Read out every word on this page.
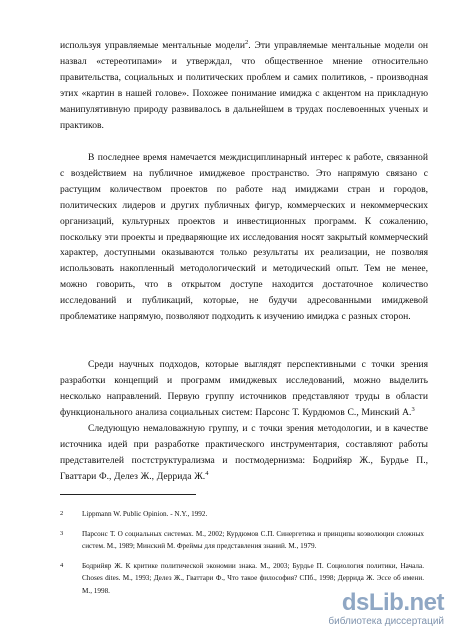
используя управляемые ментальные модели$^2$. Эти управляемые ментальные модели он назвал «стереотипами» и утверждал, что общественное мнение относительно правительства, социальных и политических проблем и самих политиков, - производная этих «картин в нашей голове». Похожее понимание имиджа с акцентом на прикладную манипулятивную природу развивалось в дальнейшем в трудах послевоенных ученых и практиков.
В последнее время намечается междисциплинарный интерес к работе, связанной с воздействием на публичное имиджевое пространство. Это напрямую связано с растущим количеством проектов по работе над имиджами стран и городов, политических лидеров и других публичных фигур, коммерческих и некоммерческих организаций, культурных проектов и инвестиционных программ. К сожалению, поскольку эти проекты и предваряющие их исследования носят закрытый коммерческий характер, доступными оказываются только результаты их реализации, не позволяя использовать накопленный методологический и методический опыт. Тем не менее, можно говорить, что в открытом доступе находится достаточное количество исследований и публикаций, которые, не будучи адресованными имиджевой проблематике напрямую, позволяют подходить к изучению имиджа с разных сторон.
Среди научных подходов, которые выглядят перспективными с точки зрения разработки концепций и программ имиджевых исследований, можно выделить несколько направлений. Первую группу источников представляют труды в области функционального анализа социальных систем: Парсонс Т. Курдюмов С., Минский А.$^3$
Следующую немаловажную группу, и с точки зрения методологии, и в качестве источника идей при разработке практического инструментария, составляют работы представителей постструктурализма и постмодернизма: Бодрийяр Ж., Бурдье П., Гваттари Ф., Делез Ж., Деррида Ж.$^4$
2	Lippmann W. Public Opinion. - N.Y., 1992.
3	Парсонс Т. О социальных системах. М., 2002; Курдюмов С.П. Синергетика и принципы коэволюции сложных систем. М., 1989; Минский М. Фреймы для представления знаний. М., 1979.
4	Бодрийяр Ж. К критике политической экономии знака. М., 2003; Бурдье П. Социология политики, Начала. Choses dites. М., 1993; Делез Ж., Гваттари Ф., Что такое философия? СПб., 1998; Деррида Ж. Эссе об имени. М., 1998.	dsLib.net
библиотека диссертаций
